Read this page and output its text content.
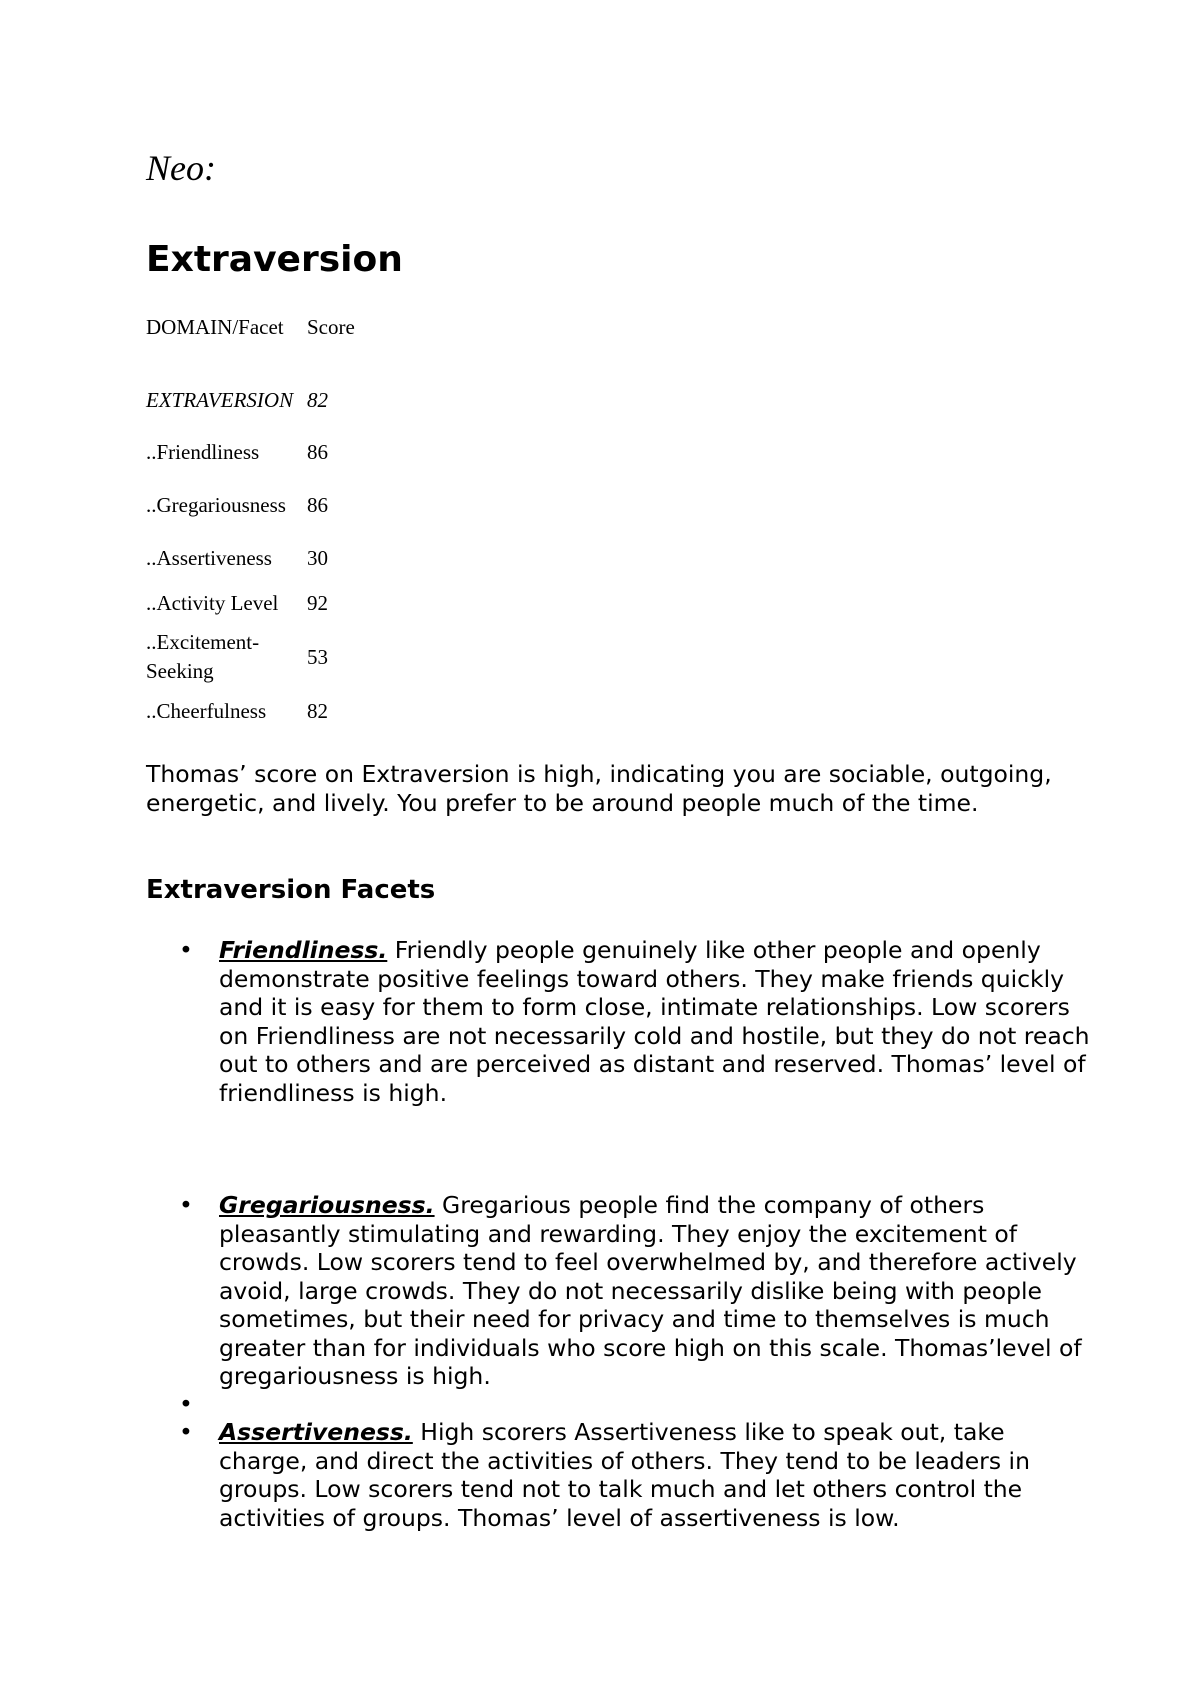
Neo:
Extraversion
DOMAIN/Facet	Score
EXTRAVERSION	82
..Friendliness	86
..Gregariousness	86
..Assertiveness	30
..Activity Level	92
..Excitement-Seeking	53
..Cheerfulness	82

Thomas’ score on Extraversion is high, indicating you are sociable, outgoing, energetic, and lively. You prefer to be around people much of the time.

Extraversion Facets
• Friendliness. Friendly people genuinely like other people and openly demonstrate positive feelings toward others. They make friends quickly and it is easy for them to form close, intimate relationships. Low scorers on Friendliness are not necessarily cold and hostile, but they do not reach out to others and are perceived as distant and reserved. Thomas’ level of friendliness is high.
• Gregariousness. Gregarious people find the company of others pleasantly stimulating and rewarding. They enjoy the excitement of crowds. Low scorers tend to feel overwhelmed by, and therefore actively avoid, large crowds. They do not necessarily dislike being with people sometimes, but their need for privacy and time to themselves is much greater than for individuals who score high on this scale. Thomas’level of gregariousness is high.
•
• Assertiveness. High scorers Assertiveness like to speak out, take charge, and direct the activities of others. They tend to be leaders in groups. Low scorers tend not to talk much and let others control the activities of groups. Thomas’ level of assertiveness is low.
